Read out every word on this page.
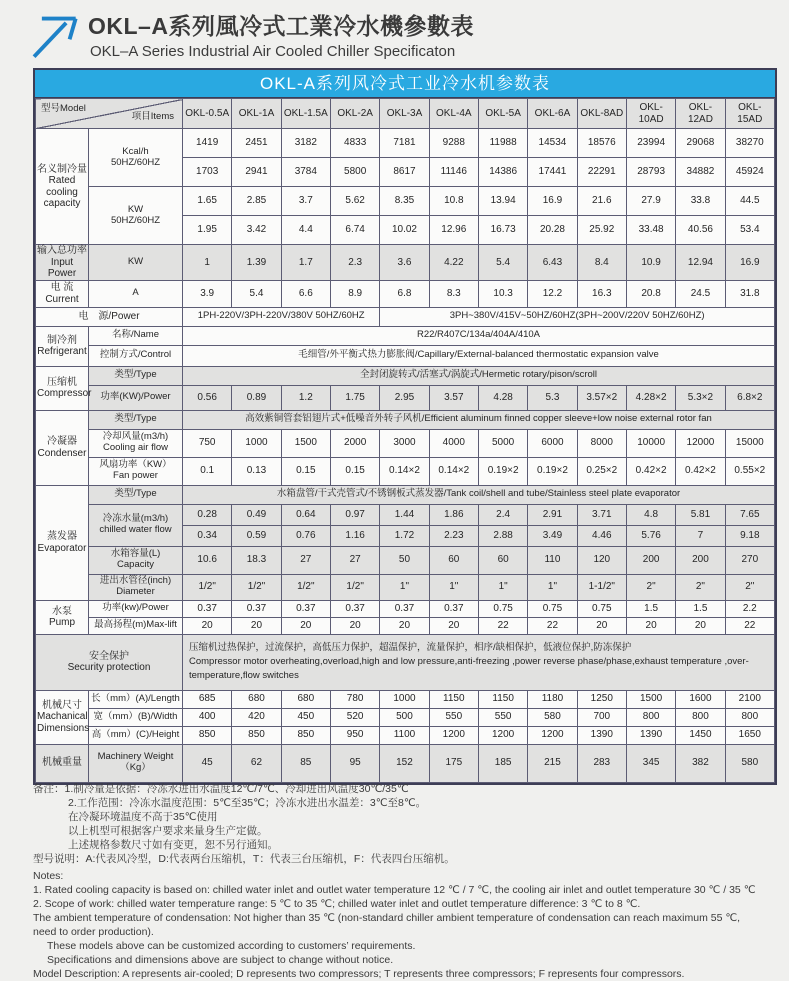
OKL–A系列風冷式工業冷水機參數表
OKL–A Series Industrial Air Cooled Chiller Specificaton
OKL-A系列风冷式工业冷水机参数表
型号Model
项目Items		OKL-0.5A	OKL-1A	OKL-1.5A	OKL-2A	OKL-3A	OKL-4A	OKL-5A	OKL-6A	OKL-8AD	OKL-10AD	OKL-12AD	OKL-15AD

名义制冷量
Rated
cooling
capacity

Kcal/h
50HZ/60HZ
	1419	2451	3182	4833	7181	9288	11988	14534	18576	23994	29068	38270
		1703	2941	3784	5800	8617	11146	14386	17441	22291	28793	34882	45924

	KW
50HZ/60HZ	1.65	2.85	3.7	5.62	8.35	10.8	13.94	16.9	21.6	27.9	33.8	44.5
		1.95	3.42	4.4	6.74	10.02	12.96	16.73	20.28	25.92	33.48	40.56	53.4

输入总功率
Input Power	KW	1	1.39	1.7	2.3	3.6	4.22	5.4	6.43	8.4	10.9	12.94	16.9

电 流
Current	A	3.9	5.4	6.6	8.9	6.8	8.3	10.3	12.2	16.3	20.8	24.5	31.8

电　源/Power		1PH-220V/3PH-220V/380V 50HZ/60HZ				3PH~380V/415V~50HZ/60HZ(3PH~200V/220V 50HZ/60HZ)							

制冷剂
Refrigerant	名称/Name	R22/R407C/134a/404A/410A											

	控制方式/Control	毛细管/外平衡式热力膨胀阀/Capillary/External-balanced thermostatic expansion valve											

压缩机
Compressor	类型/Type	全封闭旋转式/活塞式/涡旋式/Hermetic rotary/pison/scroll											

	功率(KW)/Power	0.56	0.89	1.2	1.75	2.95	3.57	4.28	5.3	3.57×2	4.28×2	5.3×2	6.8×2

冷凝器
Condenser	类型/Type	高效紫铜管套铝翅片式+低噪音外转子风机/Efficient aluminum finned copper sleeve+low noise external rotor fan											

	冷却风量(m3/h)
Cooling air flow	750	1000	1500	2000	3000	4000	5000	6000	8000	10000	12000	15000

	风扇功率（KW）
Fan power	0.1	0.13	0.15	0.15	0.14×2	0.14×2	0.19×2	0.19×2	0.25×2	0.42×2	0.42×2	0.55×2

蒸发器
Evaporator	类型/Type	水箱盘管/干式壳管式/不锈钢板式蒸发器/Tank coil/shell and tube/Stainless steel plate evaporator											

	冷冻水量(m3/h)
chilled water flow	0.28	0.49	0.64	0.97	1.44	1.86	2.4	2.91	3.71	4.8	5.81	7.65
		0.34	0.59	0.76	1.16	1.72	2.23	2.88	3.49	4.46	5.76	7	9.18

	水箱容量(L)
Capacity	10.6	18.3	27	27	50	60	60	110	120	200	200	270

	进出水管径(inch)
Diameter	1/2"	1/2"	1/2"	1/2"	1"	1"	1"	1"	1-1/2"	2"	2"	2"

水泵
Pump	功率(kw)/Power	0.37	0.37	0.37	0.37	0.37	0.37	0.75	0.75	0.75	1.5	1.5	2.2

	最高扬程(m)Max-lift	20	20	20	20	20	20	22	22	20	20	20	22

安全保护
Security protection

压缩机过热保护，过流保护，高低压力保护，超温保护，流量保护，相序/缺相保护，低液位保护,防冻保护
Compressor motor overheating,overload,high and low pressure,anti-freezing ,power reverse phase/phase,exhaust temperature ,over-temperature,flow switches

机械尺寸
Machanical
Dimensions	长（mm）(A)/Length	685	680	680	780	1000	1150	1150	1180	1250	1500	1600	2100

	宽（mm）(B)/Width	400	420	450	520	500	550	550	580	700	800	800	800

	高（mm）(C)/Height	850	850	850	950	1100	1200	1200	1200	1390	1390	1450	1650

机械重量	Machinery Weight
（Kg）	45	62	85	95	152	175	185	215	283	345	382	580
备注：1.制冷量是依据：冷冻水进出水温度12℃/7℃、冷却进出风温度30℃/35℃
2.工作范围：冷冻水温度范围：5℃至35℃；冷冻水进出水温差：3℃至8℃。
在冷凝环境温度不高于35℃使用
以上机型可根据客户要求来量身生产定做。
上述规格参数尺寸如有变更，恕不另行通知。
型号说明：A:代表风冷型，D:代表两台压缩机，T：代表三台压缩机，F：代表四台压缩机。
Notes:
1. Rated cooling capacity is based on: chilled water inlet and outlet water temperature 12 ℃ / 7 ℃, the cooling air inlet and outlet temperature 30 ℃ / 35 ℃
2. Scope of work: chilled water temperature range: 5 ℃ to 35 ℃; chilled water inlet and outlet temperature difference: 3 ℃ to 8 ℃.
The ambient temperature of condensation: Not higher than 35 ℃ (non-standard chiller ambient temperature of condensation can reach maximum 55 ℃, need to order production).
These models above can be customized according to customers’ requirements.
Specifications and dimensions above are subject to change without notice.
Model Description: A represents air-cooled; D represents two compressors; T represents three compressors; F represents four compressors.
